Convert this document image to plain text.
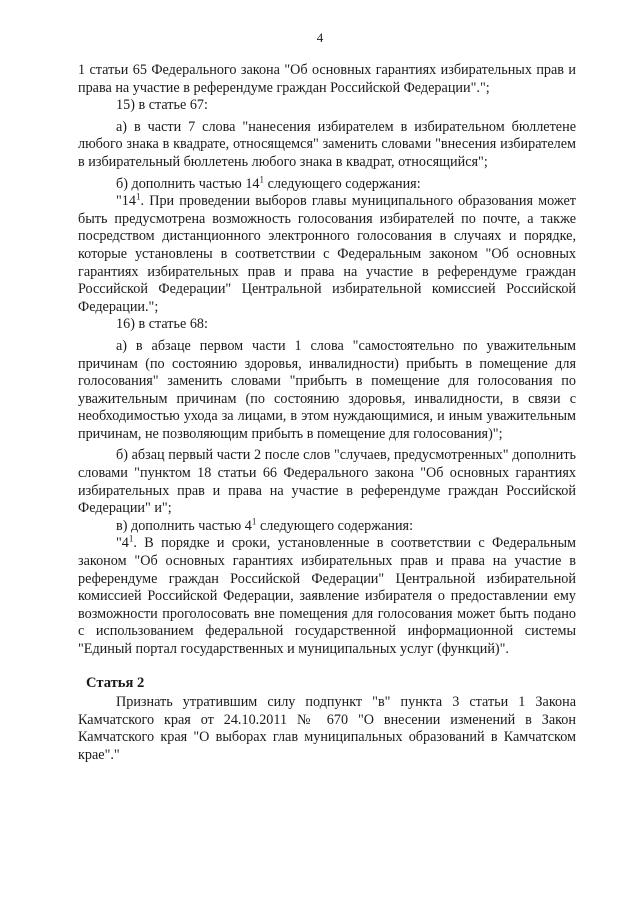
4

1 статьи 65 Федерального закона "Об основных гарантиях избирательных прав и права на участие в референдуме граждан Российской Федерации".";

15) в статье 67:

а) в части 7 слова "нанесения избирателем в избирательном бюллетене любого знака в квадрате, относящемся" заменить словами "внесения избирателем в избирательный бюллетень любого знака в квадрат, относящийся";

б) дополнить частью $14^1$ следующего содержания:

"$14^1$. При проведении выборов главы муниципального образования может быть предусмотрена возможность голосования избирателей по почте, а также посредством дистанционного электронного голосования в случаях и порядке, которые установлены в соответствии с Федеральным законом "Об основных гарантиях избирательных прав и права на участие в референдуме граждан Российской Федерации" Центральной избирательной комиссией Российской Федерации.";

16) в статье 68:

а) в абзаце первом части 1 слова "самостоятельно по уважительным причинам (по состоянию здоровья, инвалидности) прибыть в помещение для голосования" заменить словами "прибыть в помещение для голосования по уважительным причинам (по состоянию здоровья, инвалидности, в связи с необходимостью ухода за лицами, в этом нуждающимися, и иным уважительным причинам, не позволяющим прибыть в помещение для голосования)";

б) абзац первый части 2 после слов "случаев, предусмотренных" дополнить словами "пунктом 18 статьи 66 Федерального закона "Об основных гарантиях избирательных прав и права на участие в референдуме граждан Российской Федерации" и";

в) дополнить частью $4^1$ следующего содержания:

"$4^1$. В порядке и сроки, установленные в соответствии с Федеральным законом "Об основных гарантиях избирательных прав и права на участие в референдуме граждан Российской Федерации" Центральной избирательной комиссией Российской Федерации, заявление избирателя о предоставлении ему возможности проголосовать вне помещения для голосования может быть подано с использованием федеральной государственной информационной системы "Единый портал государственных и муниципальных услуг (функций)".

Статья 2

Признать утратившим силу подпункт "в" пункта 3 статьи 1 Закона Камчатского края от 24.10.2011 № 670 "О внесении изменений в Закон Камчатского края "О выборах глав муниципальных образований в Камчатском крае"."
